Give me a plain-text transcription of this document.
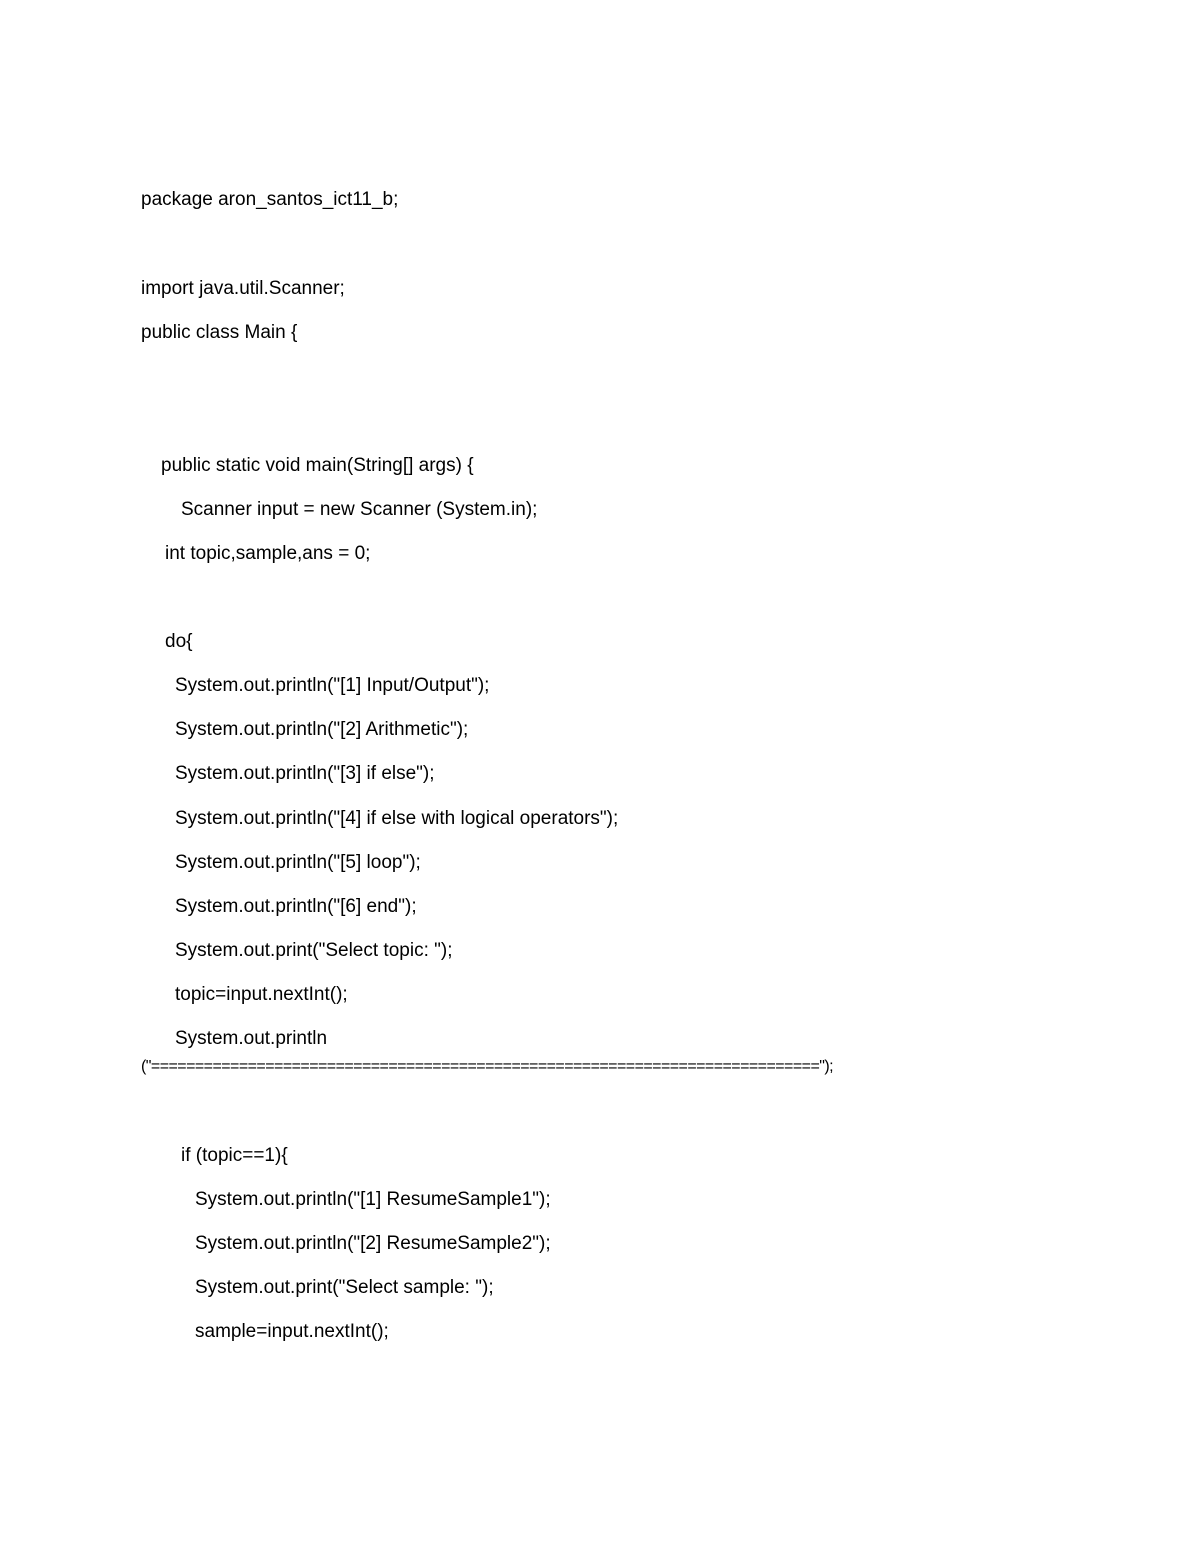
package aron_santos_ict11_b;
import java.util.Scanner;
public class Main {
public static void main(String[] args) {
Scanner input = new Scanner (System.in);
int topic,sample,ans = 0;
do{
System.out.println("[1] Input/Output");
System.out.println("[2] Arithmetic");
System.out.println("[3] if else");
System.out.println("[4] if else with logical operators");
System.out.println("[5] loop");
System.out.println("[6] end");
System.out.print("Select topic: ");
topic=input.nextInt();
System.out.println
("============================================================================");
if (topic==1){
System.out.println("[1] ResumeSample1");
System.out.println("[2] ResumeSample2");
System.out.print("Select sample: ");
sample=input.nextInt();
